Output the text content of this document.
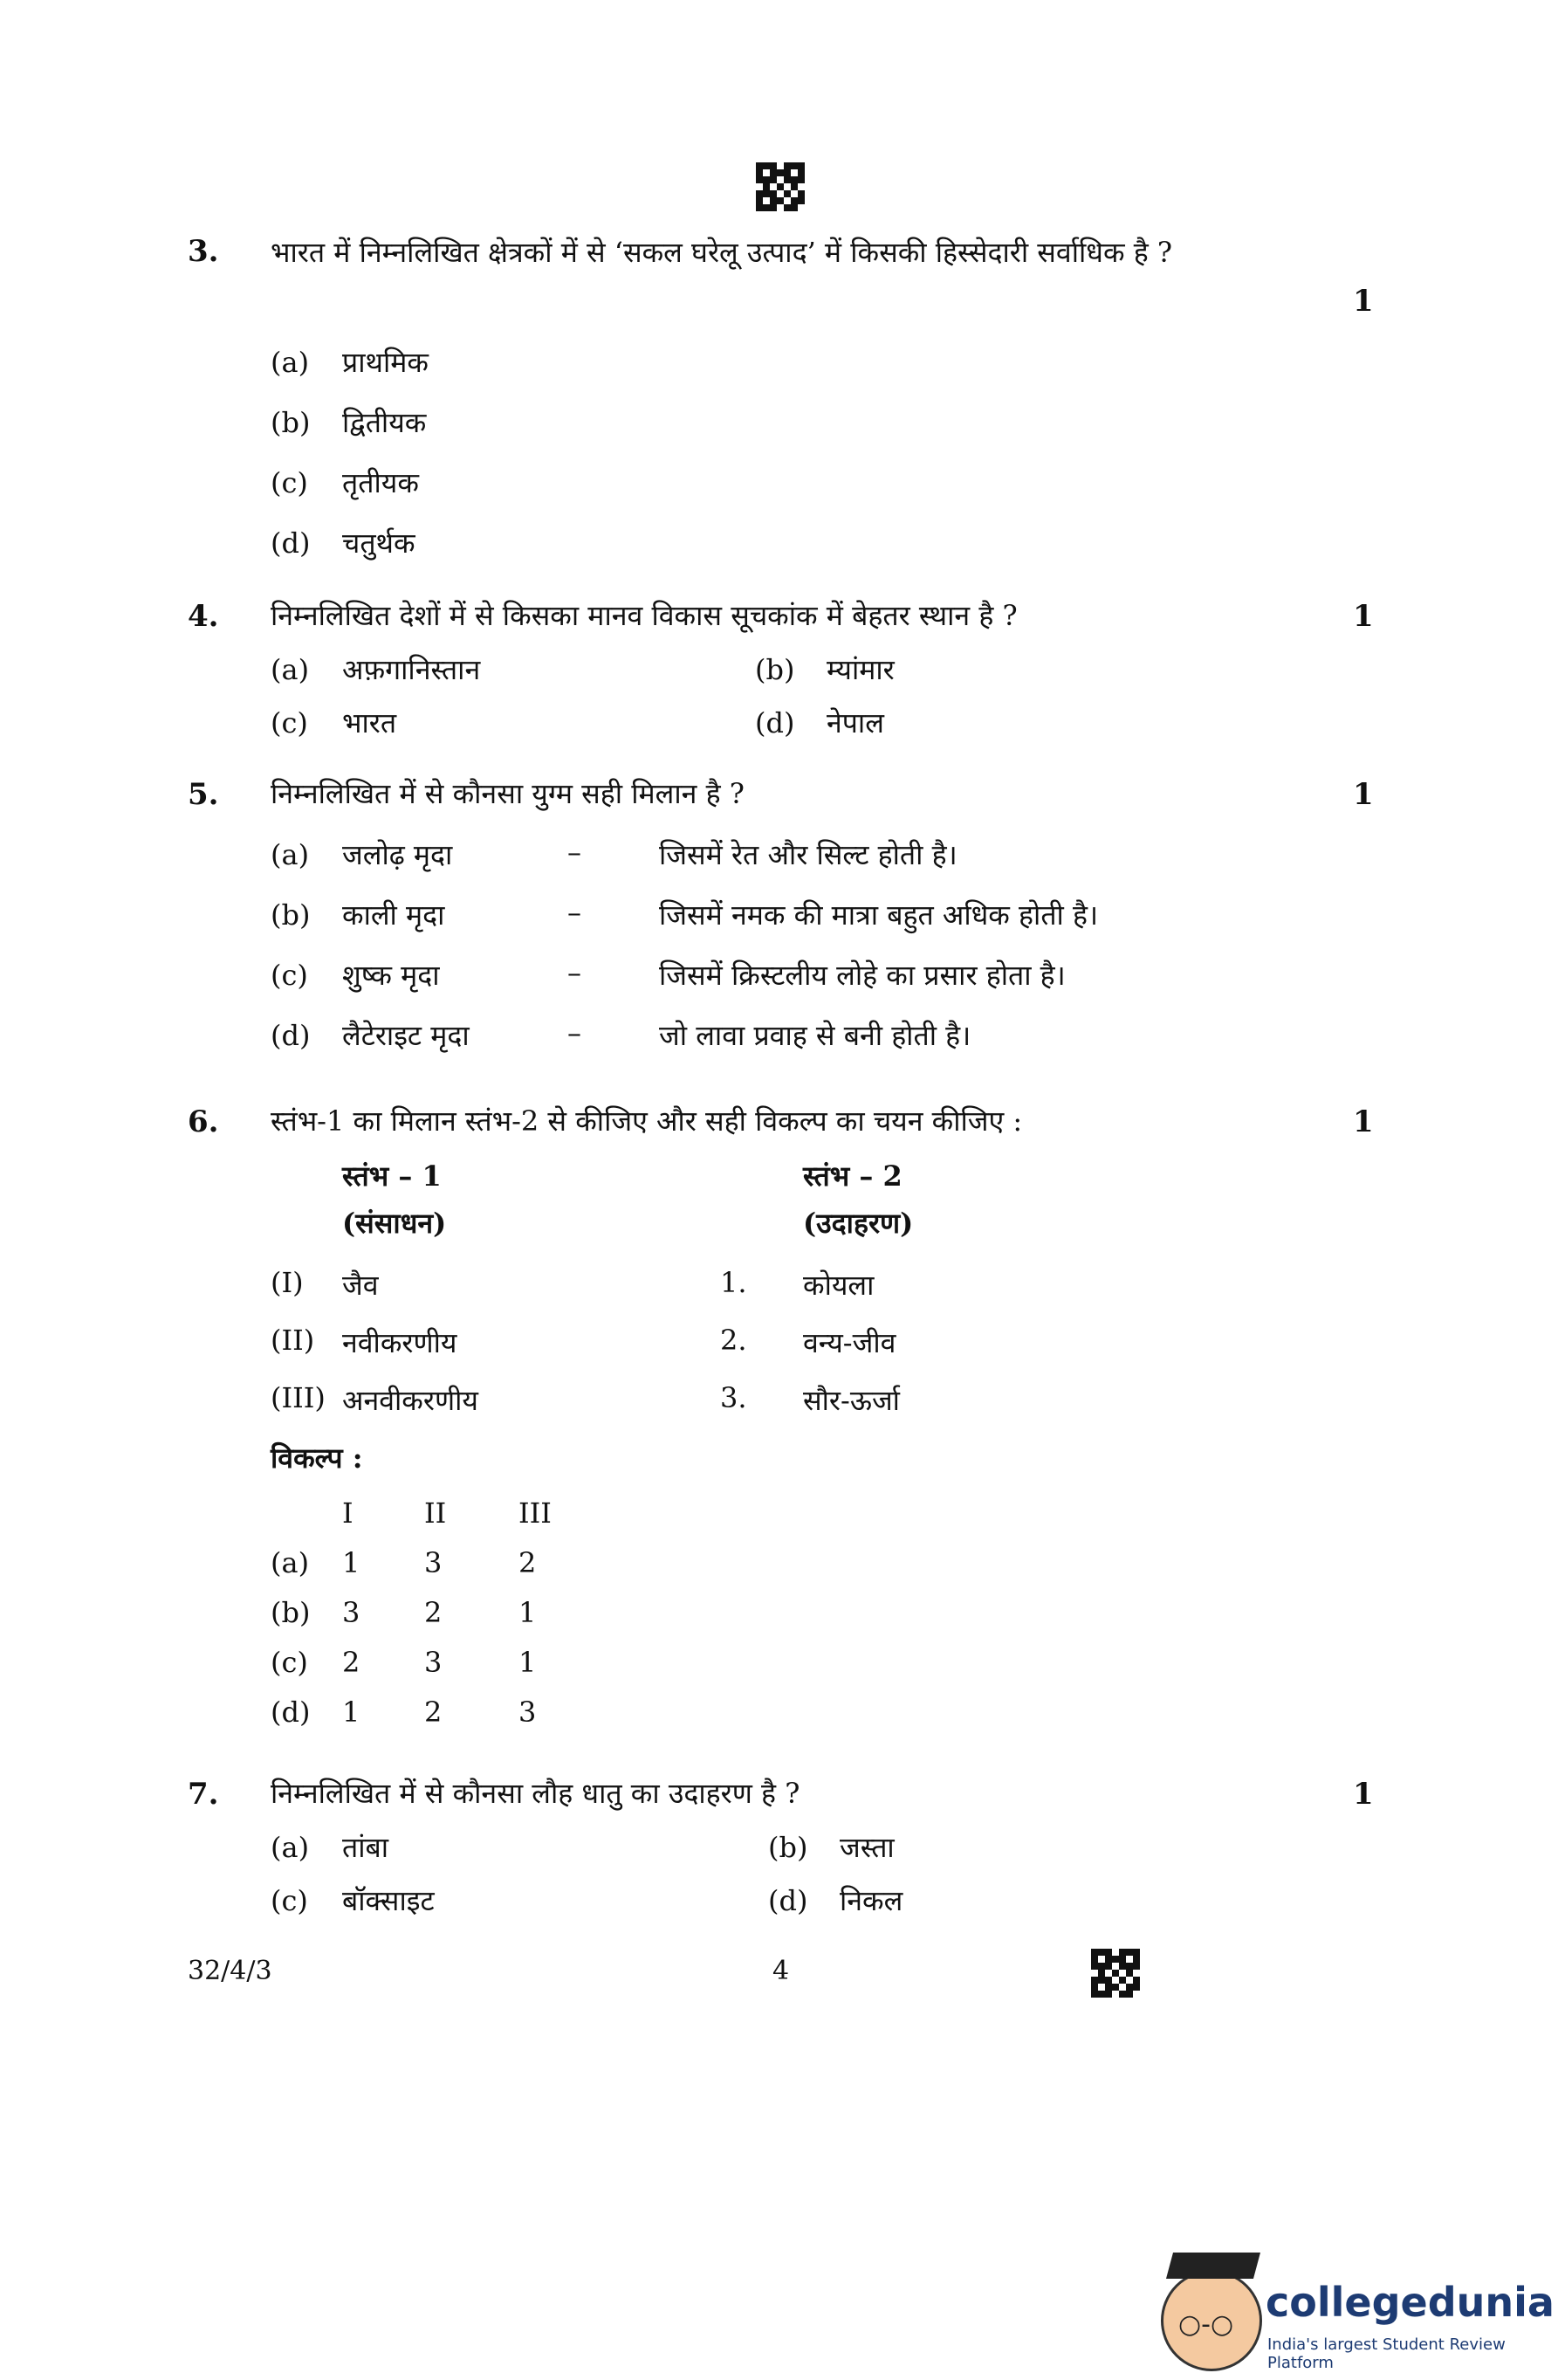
3. भारत में निम्नलिखित क्षेत्रकों में से ‘सकल घरेलू उत्पाद’ में किसकी हिस्सेदारी सर्वाधिक है ?
1
(a) प्राथमिक
(b) द्वितीयक
(c) तृतीयक
(d) चतुर्थक
4. निम्नलिखित देशों में से किसका मानव विकास सूचकांक में बेहतर स्थान है ?	1
(a) अफ़गानिस्तान	(b) म्यांमार
(c) भारत	(d) नेपाल
5. निम्नलिखित में से कौनसा युग्म सही मिलान है ?	1
(a) जलोढ़ मृदा	–	जिसमें रेत और सिल्ट होती है।
(b) काली मृदा	–	जिसमें नमक की मात्रा बहुत अधिक होती है।
(c) शुष्क मृदा	–	जिसमें क्रिस्टलीय लोहे का प्रसार होता है।
(d) लैटेराइट मृदा	–	जो लावा प्रवाह से बनी होती है।
6. स्तंभ-1 का मिलान स्तंभ-2 से कीजिए और सही विकल्प का चयन कीजिए :	1
स्तंभ – 1
(संसाधन)
स्तंभ – 2
(उदाहरण)
(I) जैव	1. कोयला
(II) नवीकरणीय	2. वन्य-जीव
(III) अनवीकरणीय	3. सौर-ऊर्जा
विकल्प :
I	II	III
(a) 1 3	2
(b) 3 2	1
(c) 2 3	1
(d) 1 2	3
7. निम्नलिखित में से कौनसा लौह धातु का उदाहरण है ?	1
(a) तांबा	(b) जस्ता
(c) बॉक्साइट	(d) निकल
32/4/3	4
○-○ collegedunia
India's largest Student Review Platform
